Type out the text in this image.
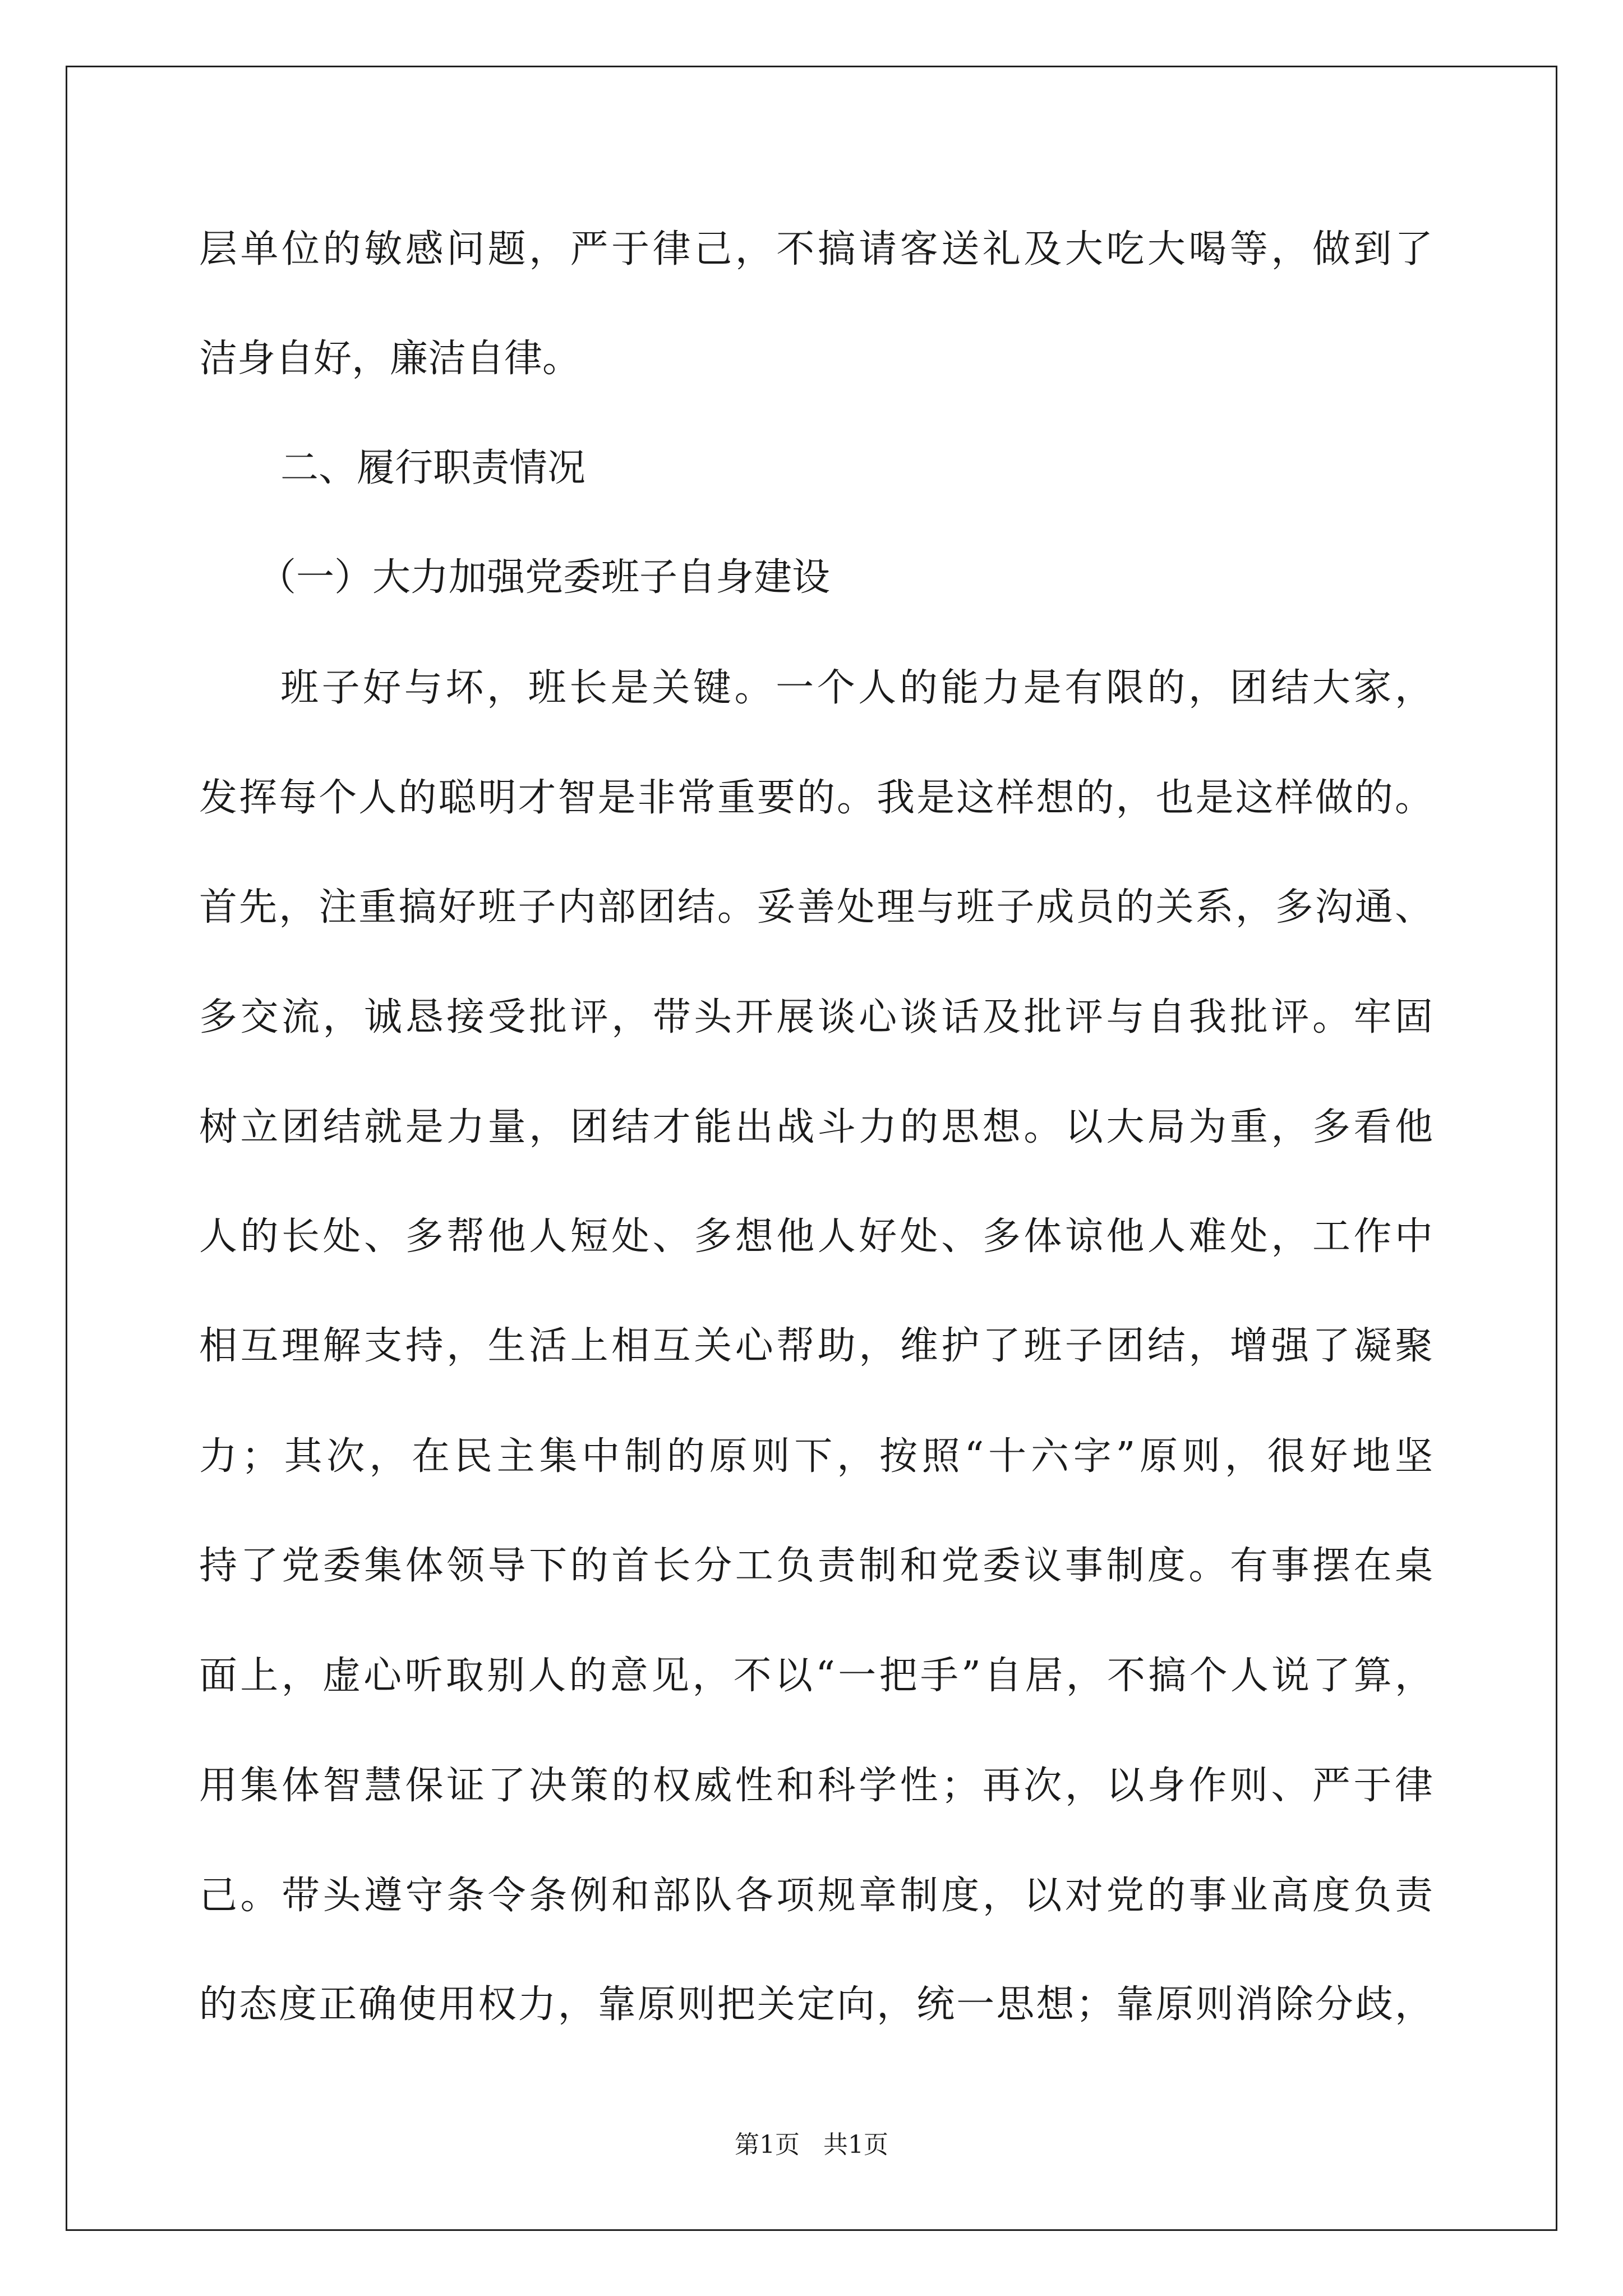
层单位的敏感问题，严于律己，不搞请客送礼及大吃大喝等，做到了
洁身自好，廉洁自律。
二、履行职责情况
（一）大力加强党委班子自身建设
班子好与坏，班长是关键。一个人的能力是有限的，团结大家，
发挥每个人的聪明才智是非常重要的。我是这样想的，也是这样做的。
首先，注重搞好班子内部团结。妥善处理与班子成员的关系，多沟通、
多交流，诚恳接受批评，带头开展谈心谈话及批评与自我批评。牢固
树立团结就是力量，团结才能出战斗力的思想。以大局为重，多看他
人的长处、多帮他人短处、多想他人好处、多体谅他人难处，工作中
相互理解支持，生活上相互关心帮助，维护了班子团结，增强了凝聚
力；其次，在民主集中制的原则下，按照“十六字”原则，很好地坚
持了党委集体领导下的首长分工负责制和党委议事制度。有事摆在桌
面上，虚心听取别人的意见，不以“一把手”自居，不搞个人说了算，
用集体智慧保证了决策的权威性和科学性；再次，以身作则、严于律
己。带头遵守条令条例和部队各项规章制度，以对党的事业高度负责
的态度正确使用权力，靠原则把关定向，统一思想；靠原则消除分歧，
第1页   共1页
